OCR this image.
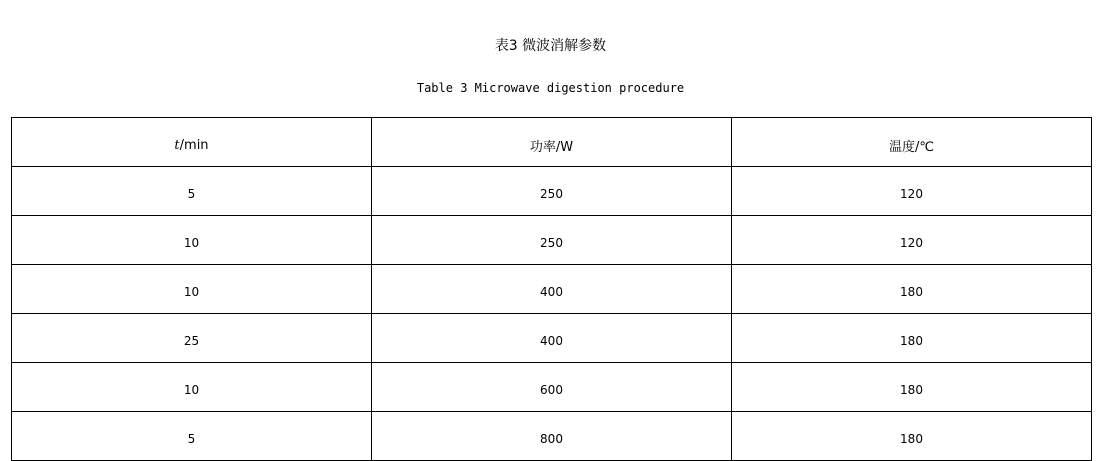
表3 微波消解参数
Table 3 Microwave digestion procedure
t/min	功率/W	温度/℃
5	250	120
10	250	120
10	400	180
25	400	180
10	600	180
5	800	180
